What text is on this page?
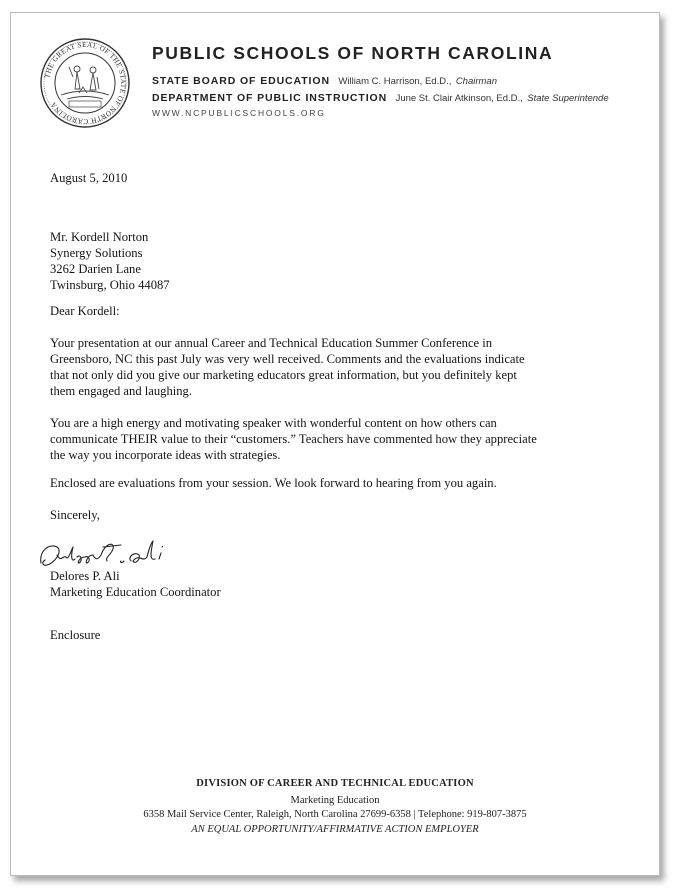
THE GREAT SEAL OF THE STATE OF NORTH CAROLINA
PUBLIC SCHOOLS OF NORTH CAROLINA
STATE BOARD OF EDUCATION William C. Harrison, Ed.D., Chairman
DEPARTMENT OF PUBLIC INSTRUCTION June St. Clair Atkinson, Ed.D., State Superintende
WWW.NCPUBLICSCHOOLS.ORG
August 5, 2010
Mr. Kordell Norton
Synergy Solutions
3262 Darien Lane
Twinsburg, Ohio 44087
Dear Kordell:
Your presentation at our annual Career and Technical Education Summer Conference in
Greensboro, NC this past July was very well received. Comments and the evaluations indicate
that not only did you give our marketing educators great information, but you definitely kept
them engaged and laughing.
You are a high energy and motivating speaker with wonderful content on how others can
communicate THEIR value to their “customers.” Teachers have commented how they appreciate
the way you incorporate ideas with strategies.
Enclosed are evaluations from your session. We look forward to hearing from you again.
Sincerely,
Delores P. Ali
Marketing Education Coordinator
Enclosure
DIVISION OF CAREER AND TECHNICAL EDUCATION
Marketing Education
6358 Mail Service Center, Raleigh, North Carolina 27699-6358 | Telephone: 919-807-3875
AN EQUAL OPPORTUNITY/AFFIRMATIVE ACTION EMPLOYER
